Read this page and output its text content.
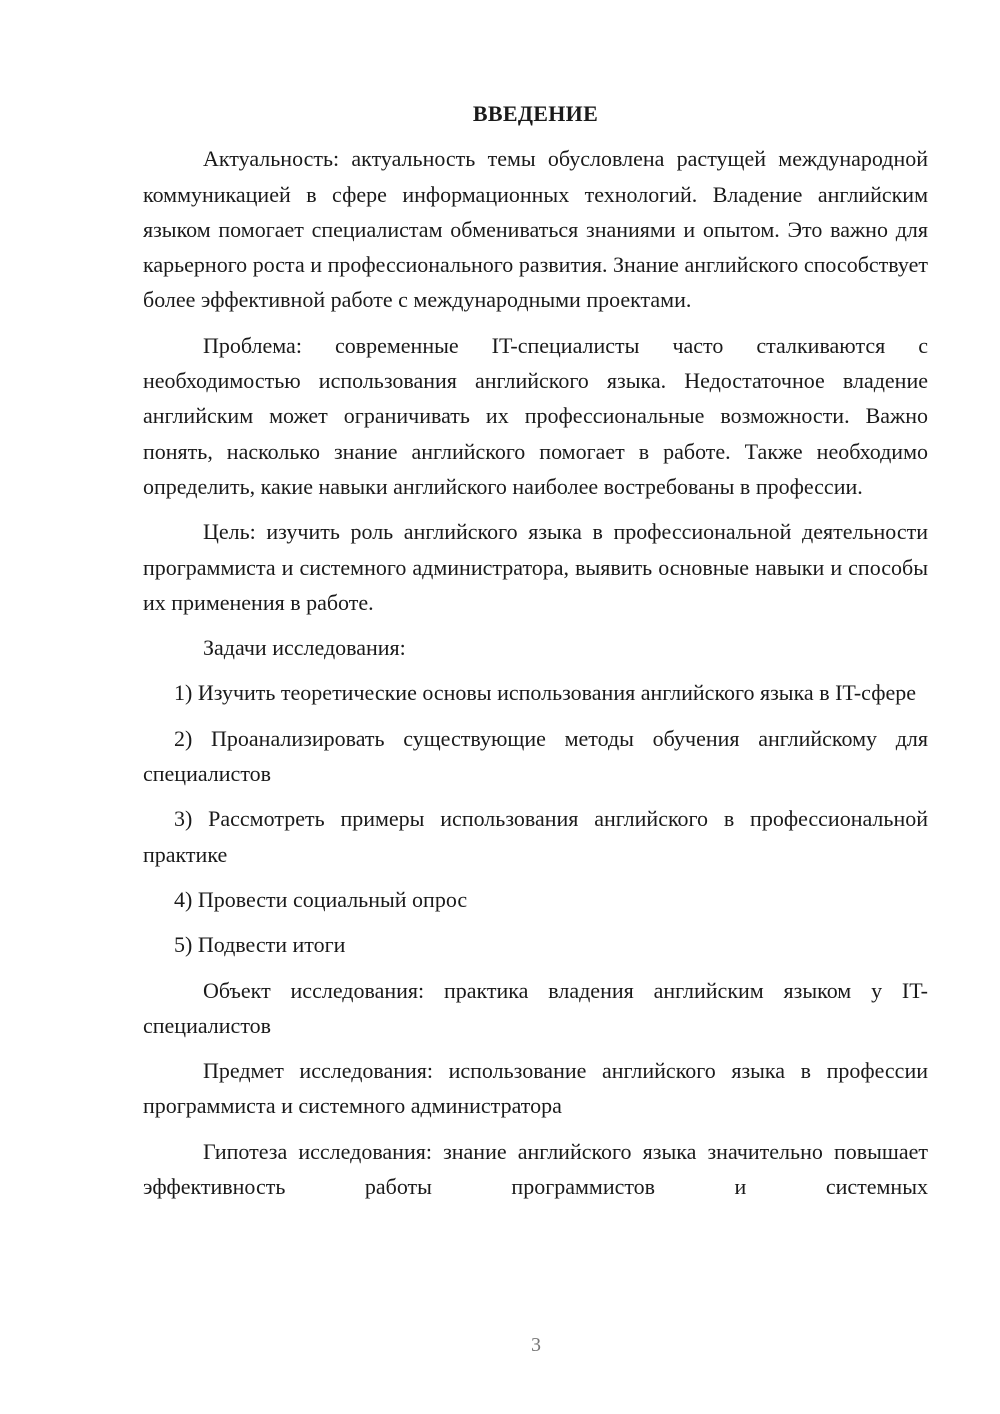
ВВЕДЕНИЕ

Актуальность: актуальность темы обусловлена растущей международной коммуникацией в сфере информационных технологий. Владение английским языком помогает специалистам обмениваться знаниями и опытом. Это важно для карьерного роста и профессионального развития. Знание английского способствует более эффективной работе с международными проектами.

Проблема: современные IT-специалисты часто сталкиваются с необходимостью использования английского языка. Недостаточное владение английским может ограничивать их профессиональные возможности. Важно понять, насколько знание английского помогает в работе. Также необходимо определить, какие навыки английского наиболее востребованы в профессии.

Цель: изучить роль английского языка в профессиональной деятельности программиста и системного администратора, выявить основные навыки и способы их применения в работе.

Задачи исследования:

1) Изучить теоретические основы использования английского языка в IT-сфере

2) Проанализировать существующие методы обучения английскому для специалистов

3) Рассмотреть примеры использования английского в профессиональной практике

4) Провести социальный опрос

5) Подвести итоги

Объект исследования: практика владения английским языком у IT-специалистов

Предмет исследования: использование английского языка в профессии программиста и системного администратора

Гипотеза исследования: знание английского языка значительно повышает эффективность работы программистов и системных

3
